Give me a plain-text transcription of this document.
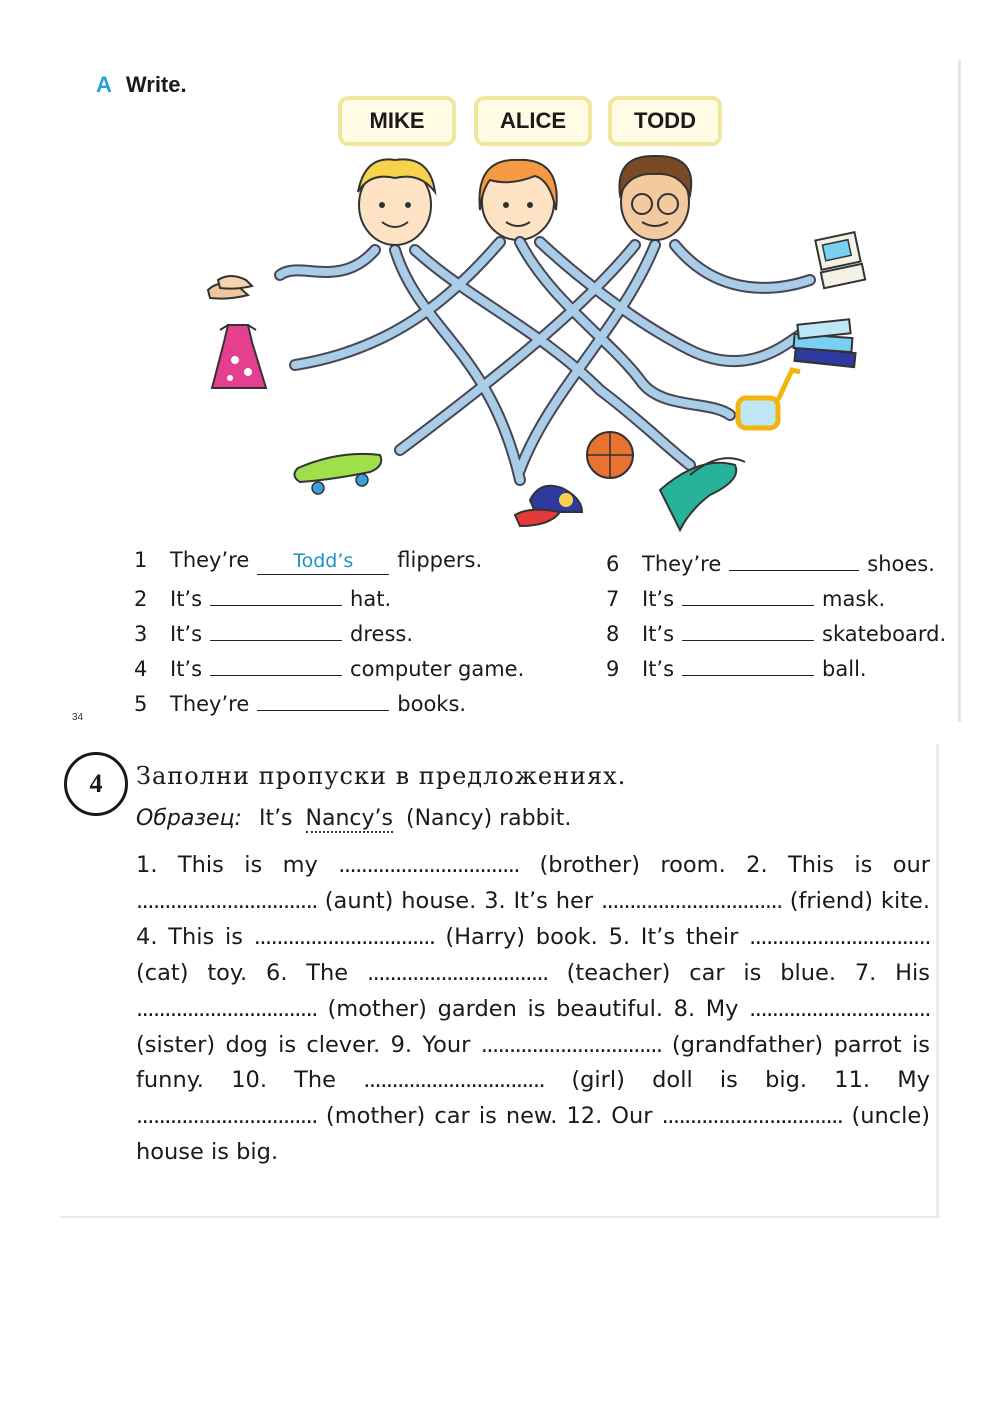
A Write.
MIKE	ALICE	TODD
1	They’re	Todd’s	flippers.
2	It’s	hat.
3	It’s	dress.
4	It’s	computer game.
5	They’re	books.
6	They’re	shoes.
7	It’s	mask.
8	It’s	skateboard.
9	It’s	ball.
34
4	Заполни пропуски в предложениях.
Образец: It’s Nancy’s (Nancy) rabbit.
1. This is my ................................ (brother) room. 2. This is our ................................ (aunt) house. 3. It’s her ................................ (friend) kite. 4. This is ................................ (Harry) book. 5. It’s their ................................ (cat) toy. 6. The ................................ (teacher) car is blue. 7. His ................................ (mother) garden is beautiful. 8. My ................................ (sister) dog is clever. 9. Your ................................ (grandfather) parrot is funny. 10. The ................................ (girl) doll is big. 11. My ................................ (mother) car is new. 12. Our ................................ (uncle) house is big.
